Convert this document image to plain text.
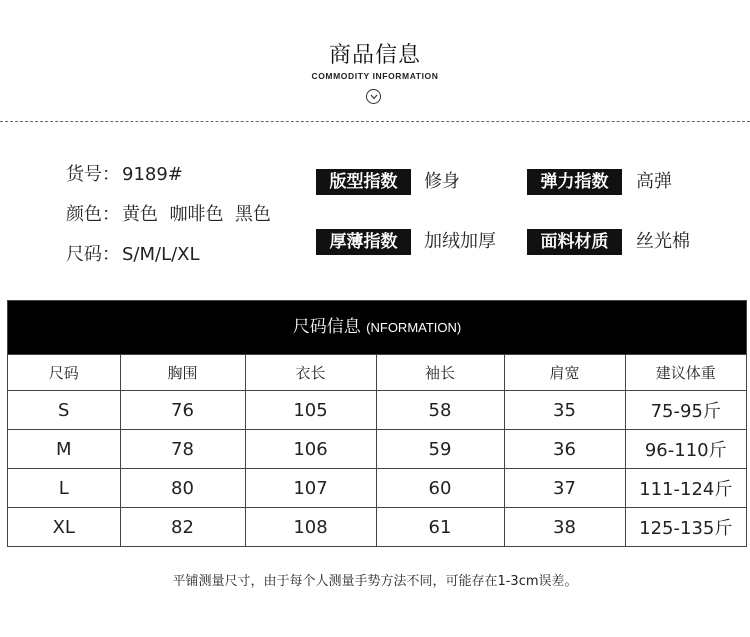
商品信息
COMMODITY INFORMATION
货号： 9189#
颜色： 黄色  咖啡色  黑色
尺码： S/M/L/XL
版型指数	修身	弹力指数	高弹
厚薄指数	加绒加厚	面料材质	丝光棉
尺码信息 (NFORMATION)
尺码	胸围	衣长	袖长	肩宽	建议体重
S	76	105	58	35	75-95斤
M	78	106	59	36	96-110斤
L	80	107	60	37	111-124斤
XL	82	108	61	38	125-135斤
平铺测量尺寸，由于每个人测量手势方法不同，可能存在1-3cm误差。
